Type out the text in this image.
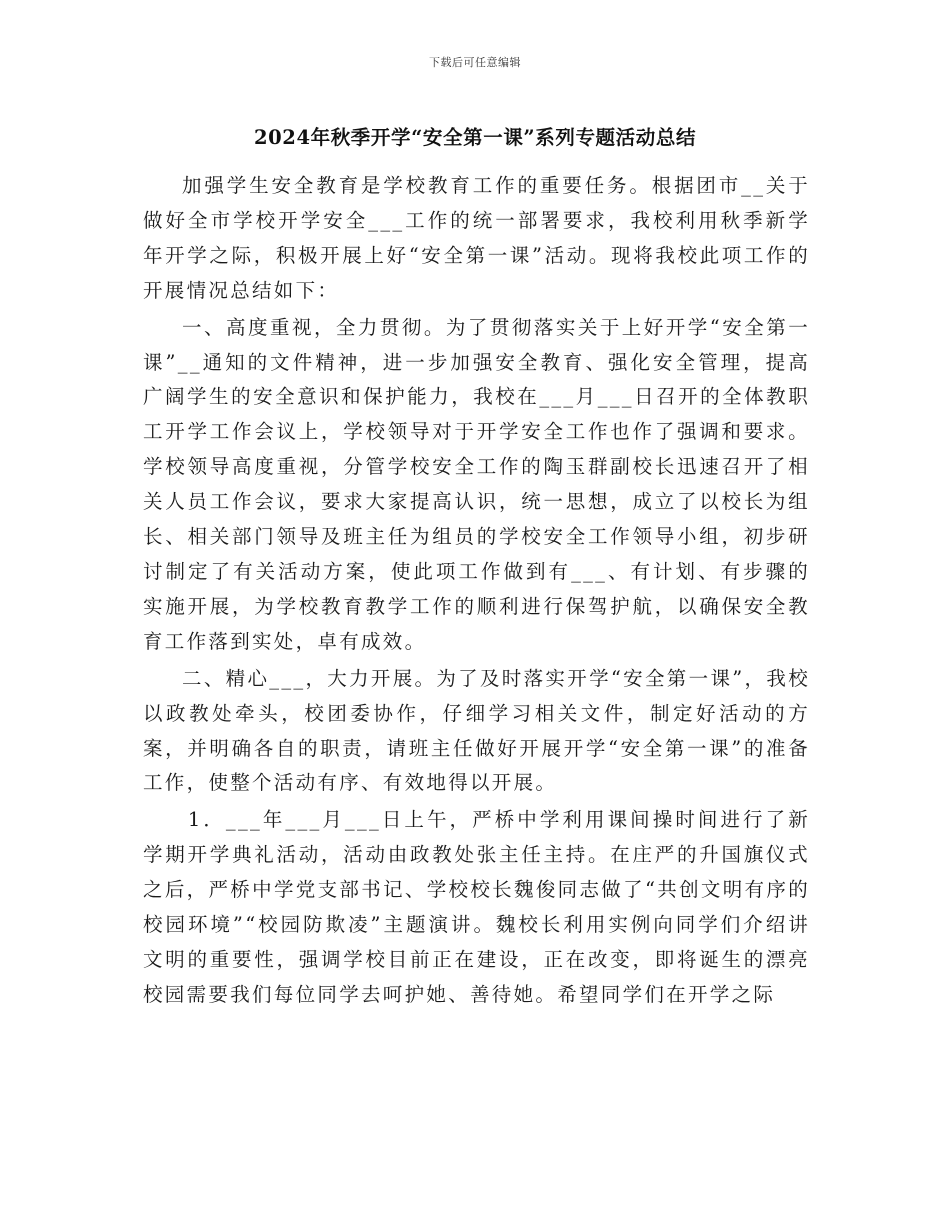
下载后可任意编辑
2024年秋季开学“安全第一课”系列专题活动总结

加强学生安全教育是学校教育工作的重要任务。根据团市__关于做好全市学校开学安全___工作的统一部署要求，我校利用秋季新学年开学之际，积极开展上好“安全第一课”活动。现将我校此项工作的开展情况总结如下：

一、高度重视，全力贯彻。为了贯彻落实关于上好开学“安全第一课”__通知的文件精神，进一步加强安全教育、强化安全管理，提高广阔学生的安全意识和保护能力，我校在___月___日召开的全体教职工开学工作会议上，学校领导对于开学安全工作也作了强调和要求。学校领导高度重视，分管学校安全工作的陶玉群副校长迅速召开了相关人员工作会议，要求大家提高认识，统一思想，成立了以校长为组长、相关部门领导及班主任为组员的学校安全工作领导小组，初步研讨制定了有关活动方案，使此项工作做到有___、有计划、有步骤的实施开展，为学校教育教学工作的顺利进行保驾护航，以确保安全教育工作落到实处，卓有成效。

二、精心___，大力开展。为了及时落实开学“安全第一课”，我校以政教处牵头，校团委协作，仔细学习相关文件，制定好活动的方案，并明确各自的职责，请班主任做好开展开学“安全第一课”的准备工作，使整个活动有序、有效地得以开展。

1．___年___月___日上午，严桥中学利用课间操时间进行了新学期开学典礼活动，活动由政教处张主任主持。在庄严的升国旗仪式之后，严桥中学党支部书记、学校校长魏俊同志做了“共创文明有序的校园环境”“校园防欺凌”主题演讲。魏校长利用实例向同学们介绍讲文明的重要性，强调学校目前正在建设，正在改变，即将诞生的漂亮校园需要我们每位同学去呵护她、善待她。希望同学们在开学之际
